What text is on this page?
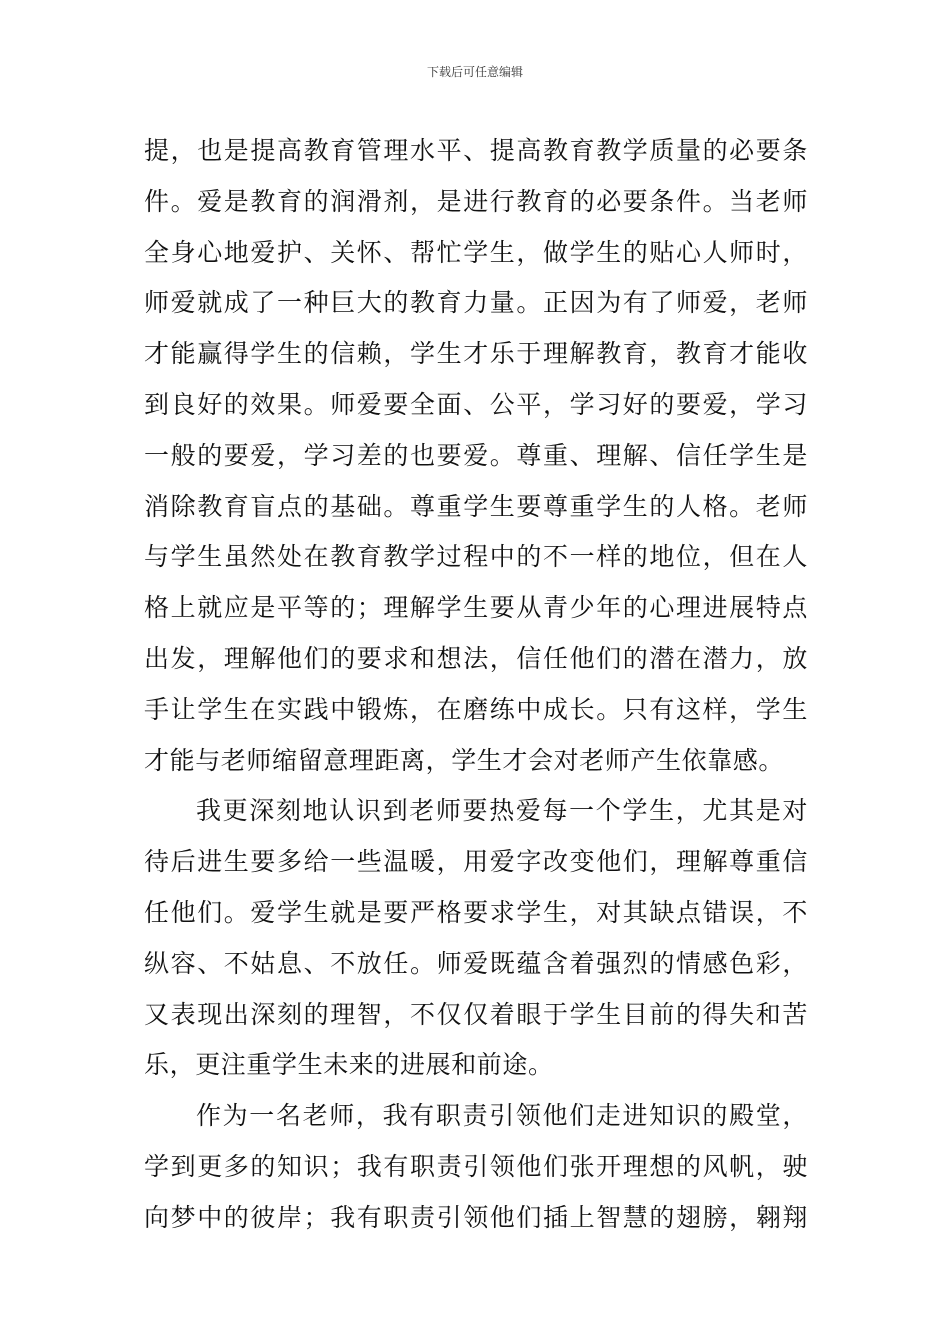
下载后可任意编辑
提，也是提高教育管理水平、提高教育教学质量的必要条
件。爱是教育的润滑剂，是进行教育的必要条件。当老师
全身心地爱护、关怀、帮忙学生，做学生的贴心人师时，
师爱就成了一种巨大的教育力量。正因为有了师爱，老师
才能赢得学生的信赖，学生才乐于理解教育，教育才能收
到良好的效果。师爱要全面、公平，学习好的要爱，学习
一般的要爱，学习差的也要爱。尊重、理解、信任学生是
消除教育盲点的基础。尊重学生要尊重学生的人格。老师
与学生虽然处在教育教学过程中的不一样的地位，但在人
格上就应是平等的；理解学生要从青少年的心理进展特点
出发，理解他们的要求和想法，信任他们的潜在潜力，放
手让学生在实践中锻炼，在磨练中成长。只有这样，学生
才能与老师缩留意理距离，学生才会对老师产生依靠感。
我更深刻地认识到老师要热爱每一个学生，尤其是对
待后进生要多给一些温暖，用爱字改变他们，理解尊重信
任他们。爱学生就是要严格要求学生，对其缺点错误，不
纵容、不姑息、不放任。师爱既蕴含着强烈的情感色彩，
又表现出深刻的理智，不仅仅着眼于学生目前的得失和苦
乐，更注重学生未来的进展和前途。
作为一名老师，我有职责引领他们走进知识的殿堂，
学到更多的知识；我有职责引领他们张开理想的风帆，驶
向梦中的彼岸；我有职责引领他们插上智慧的翅膀，翱翔
